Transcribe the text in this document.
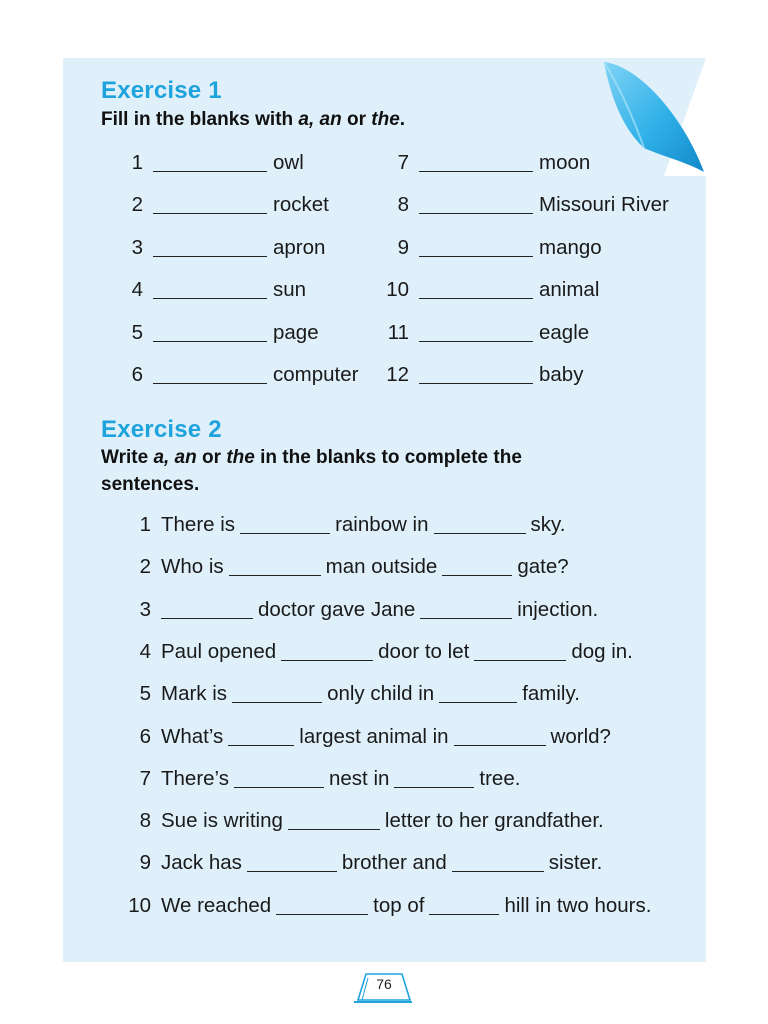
Exercise 1

Fill in the blanks with a, an or the.

1	owl
2	rocket
3	apron
4	sun
5	page
6	computer
7	moon
8	Missouri River
9	mango
10	animal
11	eagle
12	baby
Exercise 2

Write a, an or the in the blanks to complete the
sentences.

1 There is	rainbow in	sky.
2 Who is	man outside	gate?
3	doctor gave Jane	injection.
4 Paul opened	door to let	dog in.
5 Mark is	only child in	family.
6 What’s	largest animal in	world?
7 There’s	nest in	tree.
8 Sue is writing	letter to her grandfather.
9 Jack has	brother and	sister.
10 We reached	top of	hill in two hours.
76
